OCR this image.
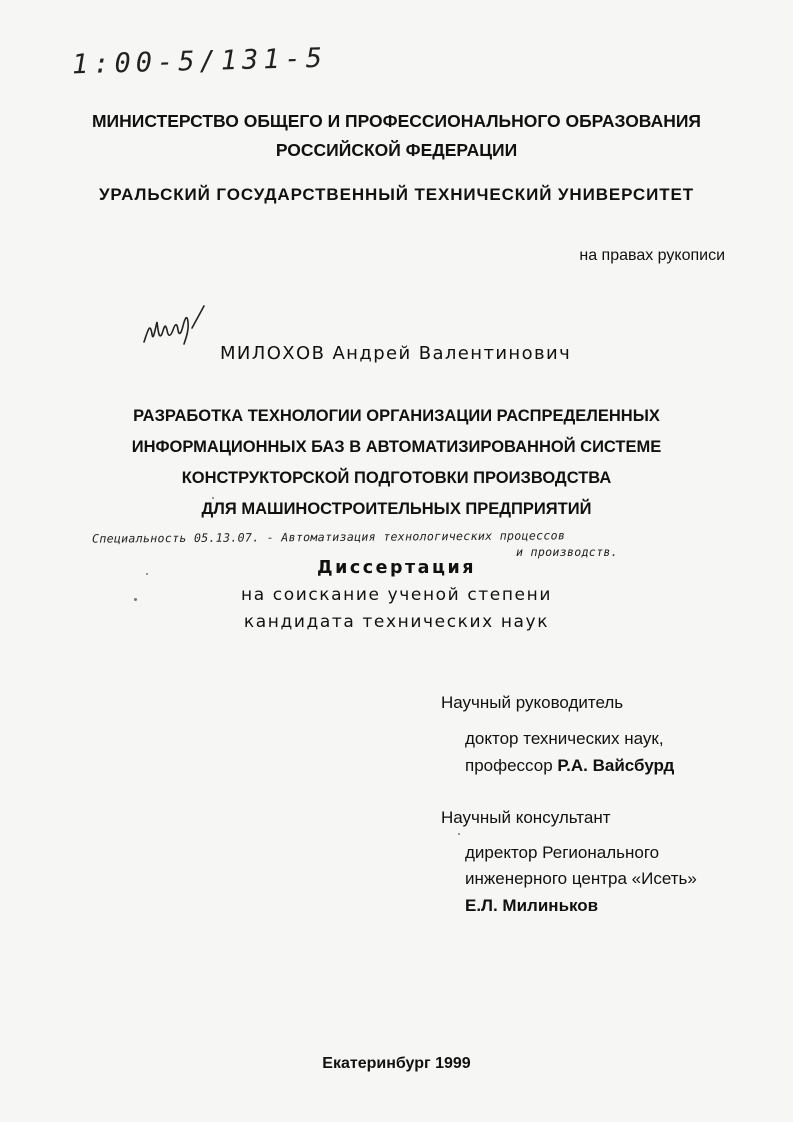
1:00-5/131-5
МИНИСТЕРСТВО ОБЩЕГО И ПРОФЕССИОНАЛЬНОГО ОБРАЗОВАНИЯ
РОССИЙСКОЙ ФЕДЕРАЦИИ
УРАЛЬСКИЙ ГОСУДАРСТВЕННЫЙ ТЕХНИЧЕСКИЙ УНИВЕРСИТЕТ
на правах рукописи
МИЛОХОВ Андрей Валентинович
РАЗРАБОТКА ТЕХНОЛОГИИ ОРГАНИЗАЦИИ РАСПРЕДЕЛЕННЫХ
ИНФОРМАЦИОННЫХ БАЗ В АВТОМАТИЗИРОВАННОЙ СИСТЕМЕ
КОНСТРУКТОРСКОЙ ПОДГОТОВКИ ПРОИЗВОДСТВА
ДЛЯ МАШИНОСТРОИТЕЛЬНЫХ ПРЕДПРИЯТИЙ
Специальность 05.13.07. - Автоматизация технологических процессов
и производств.
Диссертация
на соискание ученой степени
кандидата технических наук
Научный руководитель
доктор технических наук,
профессор Р.А. Вайсбурд
Научный консультант
директор Регионального
инженерного центра «Исеть»
Е.Л. Милиньков
Екатеринбург 1999
